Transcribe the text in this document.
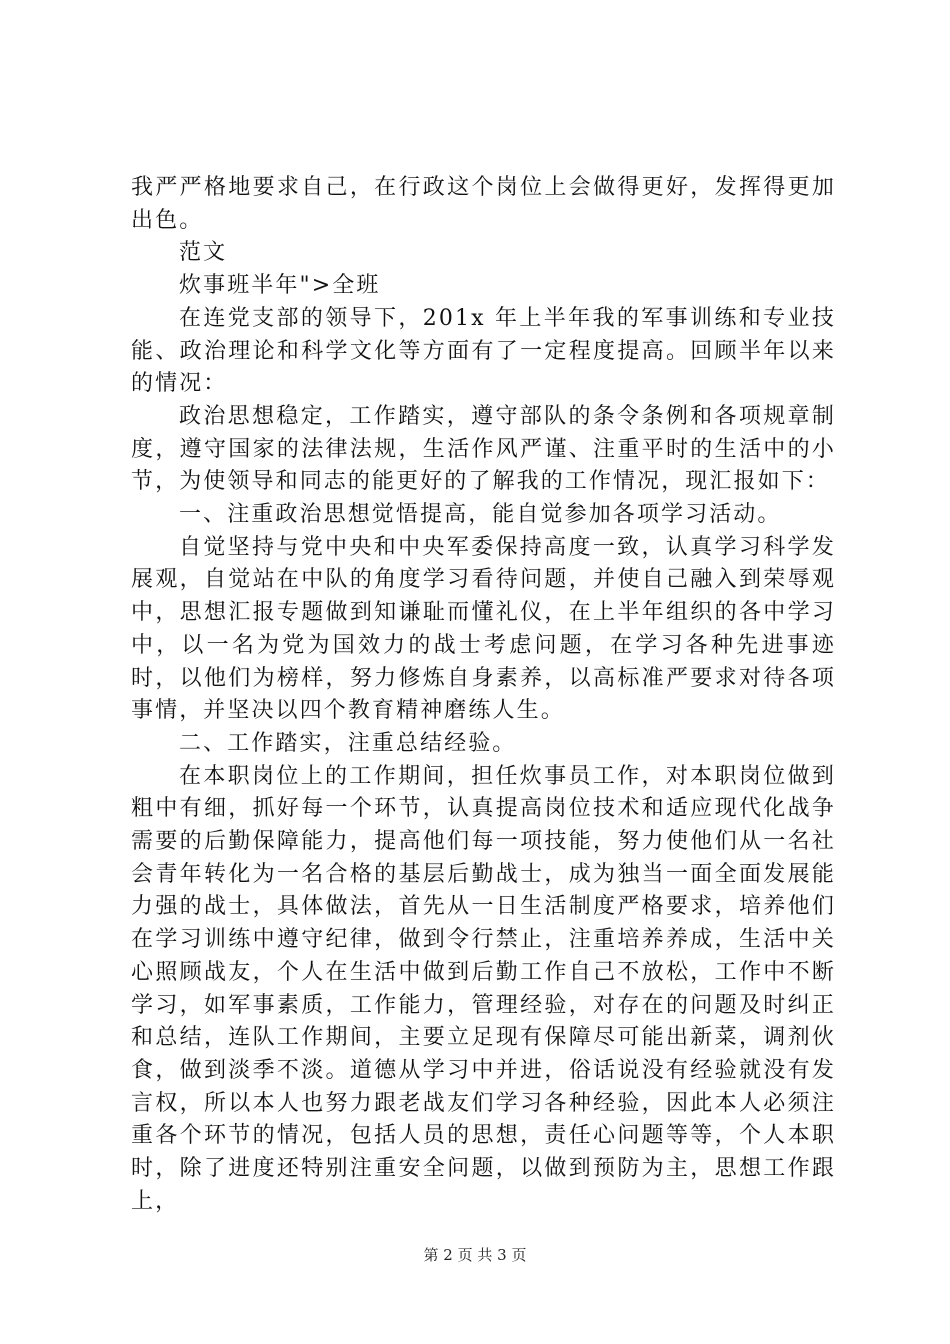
我严严格地要求自己，在行政这个岗位上会做得更好，发挥得更加出色。

范文

炊事班半年">全班

在连党支部的领导下，201x 年上半年我的军事训练和专业技能、政治理论和科学文化等方面有了一定程度提高。回顾半年以来的情况：

政治思想稳定，工作踏实，遵守部队的条令条例和各项规章制度，遵守国家的法律法规，生活作风严谨、注重平时的生活中的小节，为使领导和同志的能更好的了解我的工作情况，现汇报如下：

一、注重政治思想觉悟提高，能自觉参加各项学习活动。

自觉坚持与党中央和中央军委保持高度一致，认真学习科学发展观，自觉站在中队的角度学习看待问题，并使自己融入到荣辱观中，思想汇报专题做到知谦耻而懂礼仪，在上半年组织的各中学习中，以一名为党为国效力的战士考虑问题，在学习各种先进事迹时，以他们为榜样，努力修炼自身素养，以高标准严要求对待各项事情，并坚决以四个教育精神磨练人生。

二、工作踏实，注重总结经验。

在本职岗位上的工作期间，担任炊事员工作，对本职岗位做到粗中有细，抓好每一个环节，认真提高岗位技术和适应现代化战争需要的后勤保障能力，提高他们每一项技能，努力使他们从一名社会青年转化为一名合格的基层后勤战士，成为独当一面全面发展能力强的战士，具体做法，首先从一日生活制度严格要求，培养他们在学习训练中遵守纪律，做到令行禁止，注重培养养成，生活中关心照顾战友，个人在生活中做到后勤工作自己不放松，工作中不断学习，如军事素质，工作能力，管理经验，对存在的问题及时纠正和总结，连队工作期间，主要立足现有保障尽可能出新菜，调剂伙食，做到淡季不淡。道德从学习中并进，俗话说没有经验就没有发言权，所以本人也努力跟老战友们学习各种经验，因此本人必须注重各个环节的情况，包括人员的思想，责任心问题等等，个人本职时，除了进度还特别注重安全问题，以做到预防为主，思想工作跟上，

第 2 页 共 3 页
